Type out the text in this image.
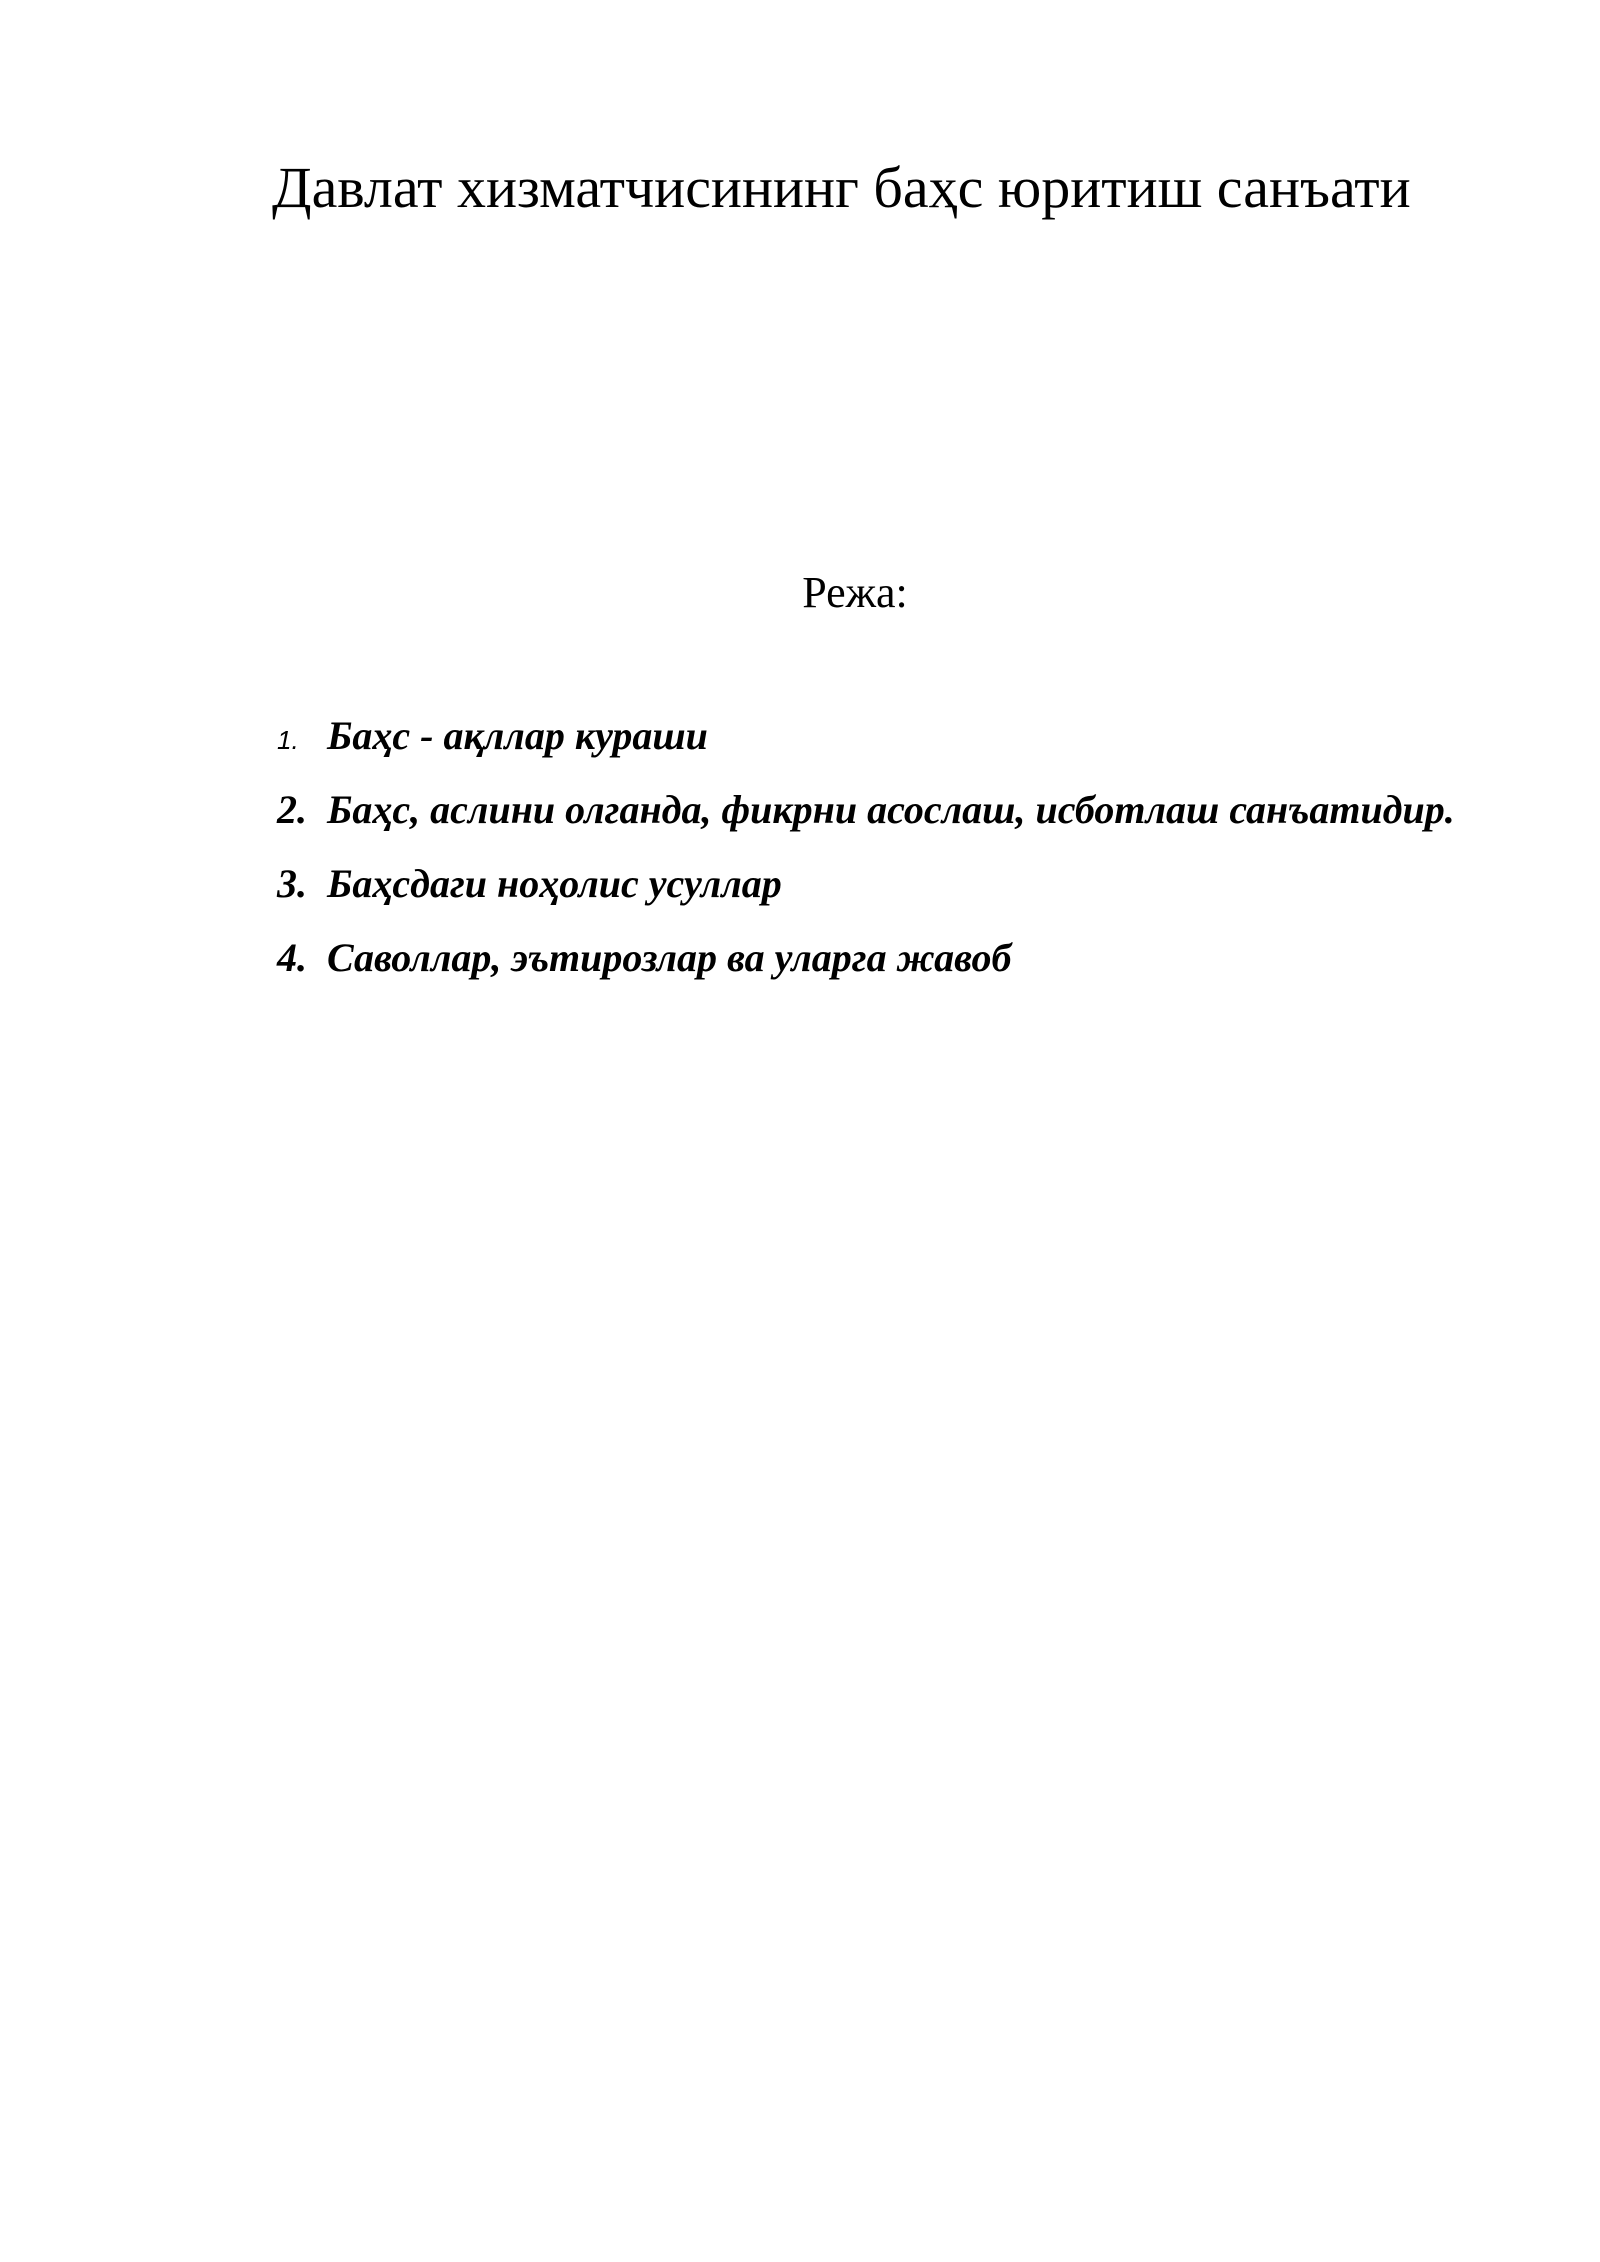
Давлат хизматчисининг баҳс юритиш санъати
Режа:
1. Баҳс - ақллар кураши
2. Баҳс, аслини олганда, фикрни асослаш, исботлаш санъатидир.
3. Баҳсдаги ноҳолис усуллар
4. Саволлар, эътирозлар ва уларга жавоб
